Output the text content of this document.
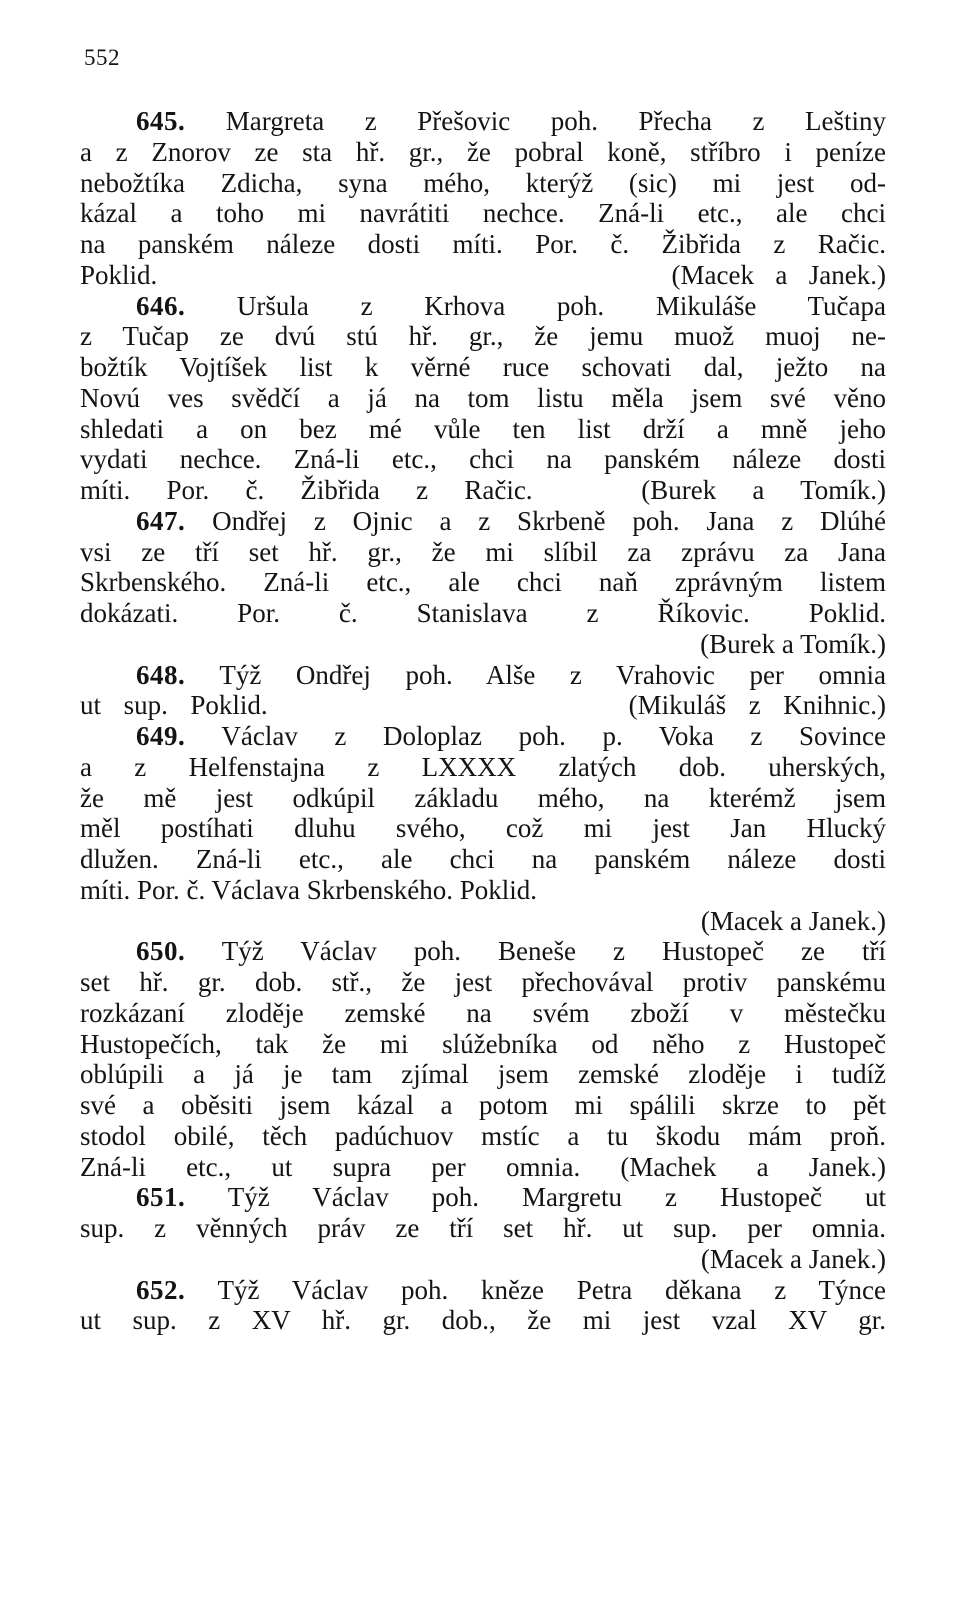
552
645. Margreta z Přešovic poh. Přecha z Leštiny
a z Znorov ze sta hř. gr., že pobral koně, stříbro i peníze
nebožtíka Zdicha, syna mého, kterýž (sic) mi jest od-
kázal a toho mi navrátiti nechce. Zná-li etc., ale chci
na panském náleze dosti míti. Por. č. Žibřida z Račic.
Poklid.                        (Macek a Janek.)
646. Uršula z Krhova poh. Mikuláše Tučapa
z Tučap ze dvú stú hř. gr., že jemu muož muoj ne-
božtík Vojtíšek list k věrné ruce schovati dal, ježto na
Novú ves svědčí a já na tom listu měla jsem své věno
shledati a on bez mé vůle ten list drží a mně jeho
vydati nechce. Zná-li etc., chci na panském náleze dosti
míti. Por. č. Žibřida z Račic.   (Burek a Tomík.)
647. Ondřej z Ojnic a z Skrbeně poh. Jana z Dlúhé
vsi ze tří set hř. gr., že mi slíbil za zprávu za Jana
Skrbenského. Zná-li etc., ale chci naň zprávným listem
dokázati. Por. č. Stanislava z Říkovic. Poklid.
(Burek a Tomík.)
648. Týž Ondřej poh. Alše z Vrahovic per omnia
ut sup. Poklid.                (Mikuláš z Knihnic.)
649. Václav z Doloplaz poh. p. Voka z Sovince
a z Helfenstajna z LXXXX zlatých dob. uherských,
že mě jest odkúpil základu mého, na kterémž jsem
měl postíhati dluhu svého, což mi jest Jan Hlucký
dlužen. Zná-li etc., ale chci na panském náleze dosti
míti. Por. č. Václava Skrbenského. Poklid.
(Macek a Janek.)
650. Týž Václav poh. Beneše z Hustopeč ze tří
set hř. gr. dob. stř., že jest přechovával protiv panskému
rozkázaní zloděje zemské na svém zboží v městečku
Hustopečích, tak že mi slúžebníka od něho z Hustopeč
oblúpili a já je tam zjímal jsem zemské zloděje i tudíž
své a oběsiti jsem kázal a potom mi spálili skrze to pět
stodol obilé, těch padúchuov mstíc a tu škodu mám proň.
Zná-li etc., ut supra per omnia. (Machek a Janek.)
651. Týž Václav poh. Margretu z Hustopeč ut
sup. z věnných práv ze tří set hř. ut sup. per omnia.
(Macek a Janek.)
652. Týž Václav poh. kněze Petra děkana z Týnce
ut sup. z XV hř. gr. dob., že mi jest vzal XV gr.
